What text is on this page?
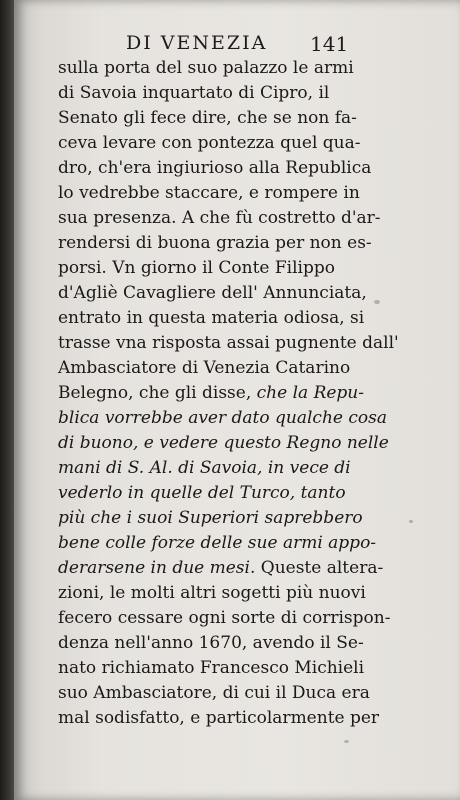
DI VENEZIA 141
sulla porta del suo palazzo le armi
di Savoia inquartato di Cipro, il
Senato gli fece dire, che se non fa-
ceva levare con pontezza quel qua-
dro, ch'era ingiurioso alla Republica
lo vedrebbe staccare, e rompere in
sua presenza. A che fù costretto d'ar-
rendersi di buona grazia per non es-
porsi. Vn giorno il Conte Filippo
d'Agliè Cavagliere dell' Annunciata,
entrato in questa materia odiosa, si
trasse vna risposta assai pugnente dall'
Ambasciatore di Venezia Catarino
Belegno, che gli disse, che la Repu-
blica vorrebbe aver dato qualche cosa
di buono, e vedere questo Regno nelle
mani di S. Al. di Savoia, in vece di
vederlo in quelle del Turco, tanto
più che i suoi Superiori saprebbero
bene colle forze delle sue armi appo-
derarsene in due mesi. Queste altera-
zioni, le molti altri sogetti più nuovi
fecero cessare ogni sorte di corrispon-
denza nell'anno 1670, avendo il Se-
nato richiamato Francesco Michieli
suo Ambasciatore, di cui il Duca era
mal sodisfatto, e particolarmente per
